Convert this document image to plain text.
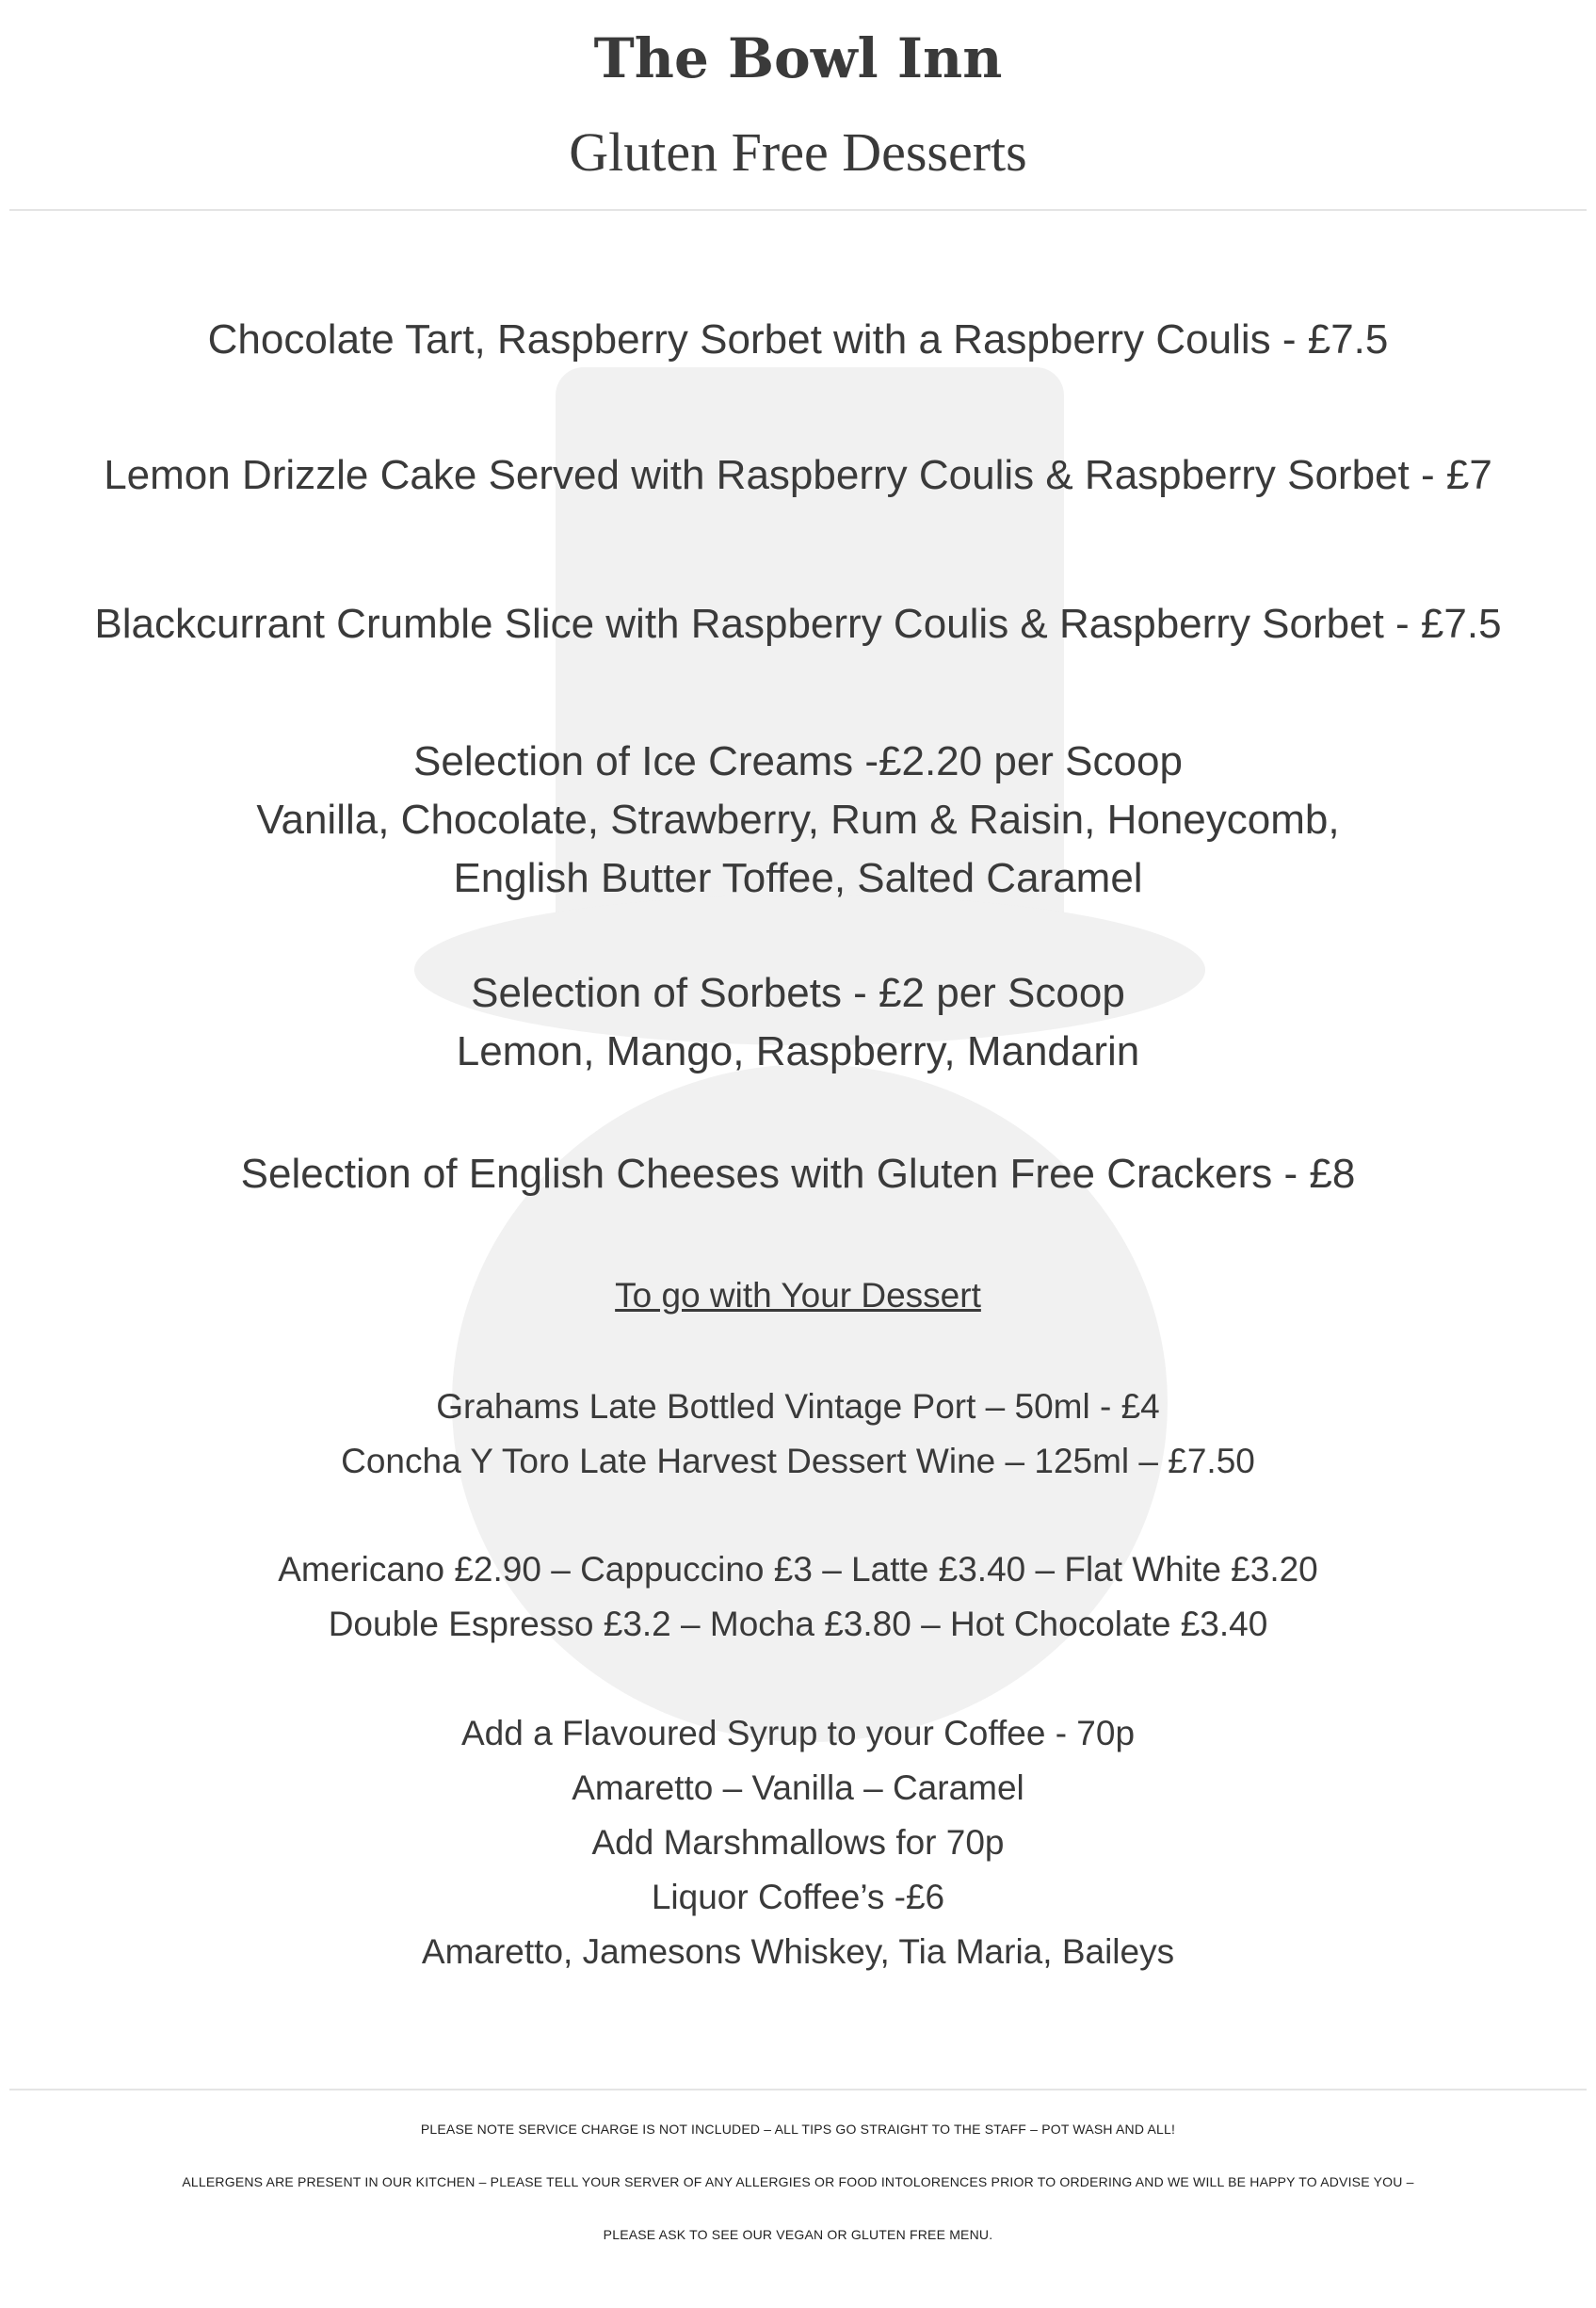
The Bowl Inn
Gluten Free Desserts
Chocolate Tart, Raspberry Sorbet with a Raspberry Coulis - £7.5
Lemon Drizzle Cake Served with Raspberry Coulis & Raspberry Sorbet - £7
Blackcurrant Crumble Slice with Raspberry Coulis & Raspberry Sorbet - £7.5
Selection of Ice Creams -£2.20 per Scoop
Vanilla, Chocolate, Strawberry, Rum & Raisin, Honeycomb,
English Butter Toffee, Salted Caramel
Selection of Sorbets - £2 per Scoop
Lemon, Mango, Raspberry, Mandarin
Selection of English Cheeses with Gluten Free Crackers - £8
To go with Your Dessert
Grahams Late Bottled Vintage Port – 50ml - £4
Concha Y Toro Late Harvest Dessert Wine – 125ml – £7.50
Americano £2.90 – Cappuccino £3 – Latte £3.40 – Flat White £3.20
Double Espresso £3.2 – Mocha £3.80 – Hot Chocolate £3.40
Add a Flavoured Syrup to your Coffee - 70p
Amaretto – Vanilla – Caramel
Add Marshmallows for 70p
Liquor Coffee’s -£6
Amaretto, Jamesons Whiskey, Tia Maria, Baileys
PLEASE NOTE SERVICE CHARGE IS NOT INCLUDED – ALL TIPS GO STRAIGHT TO THE STAFF – POT WASH AND ALL!
ALLERGENS ARE PRESENT IN OUR KITCHEN – PLEASE TELL YOUR SERVER OF ANY ALLERGIES OR FOOD INTOLORENCES PRIOR TO ORDERING AND WE WILL BE HAPPY TO ADVISE YOU –
PLEASE ASK TO SEE OUR VEGAN OR GLUTEN FREE MENU.
